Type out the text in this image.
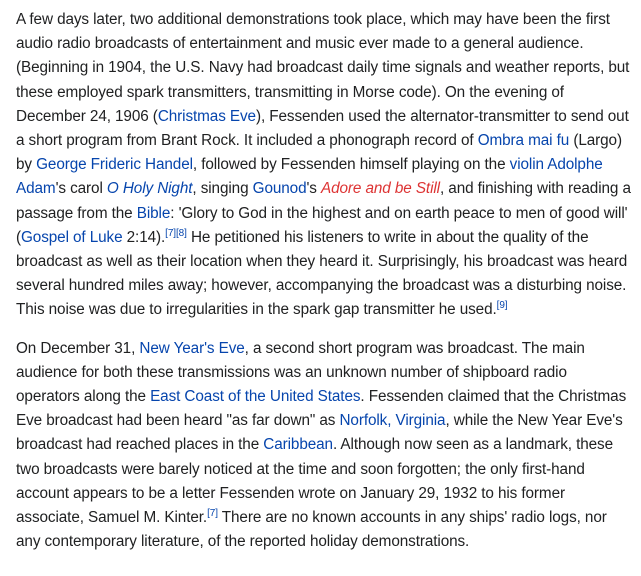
A few days later, two additional demonstrations took place, which may have been the first
audio radio broadcasts of entertainment and music ever made to a general audience.
(Beginning in 1904, the U.S. Navy had broadcast daily time signals and weather reports, but
these employed spark transmitters, transmitting in Morse code). On the evening of
December 24, 1906 (Christmas Eve), Fessenden used the alternator-transmitter to send out
a short program from Brant Rock. It included a phonograph record of Ombra mai fu (Largo)
by George Frideric Handel, followed by Fessenden himself playing on the violin Adolphe
Adam's carol O Holy Night, singing Gounod's Adore and be Still, and finishing with reading a
passage from the Bible: 'Glory to God in the highest and on earth peace to men of good will'
(Gospel of Luke 2:14).[7][8] He petitioned his listeners to write in about the quality of the
broadcast as well as their location when they heard it. Surprisingly, his broadcast was heard
several hundred miles away; however, accompanying the broadcast was a disturbing noise.
This noise was due to irregularities in the spark gap transmitter he used.[9]

On December 31, New Year's Eve, a second short program was broadcast. The main
audience for both these transmissions was an unknown number of shipboard radio
operators along the East Coast of the United States. Fessenden claimed that the Christmas
Eve broadcast had been heard "as far down" as Norfolk, Virginia, while the New Year Eve's
broadcast had reached places in the Caribbean. Although now seen as a landmark, these
two broadcasts were barely noticed at the time and soon forgotten; the only first-hand
account appears to be a letter Fessenden wrote on January 29, 1932 to his former
associate, Samuel M. Kinter.[7] There are no known accounts in any ships' radio logs, nor
any contemporary literature, of the reported holiday demonstrations.
